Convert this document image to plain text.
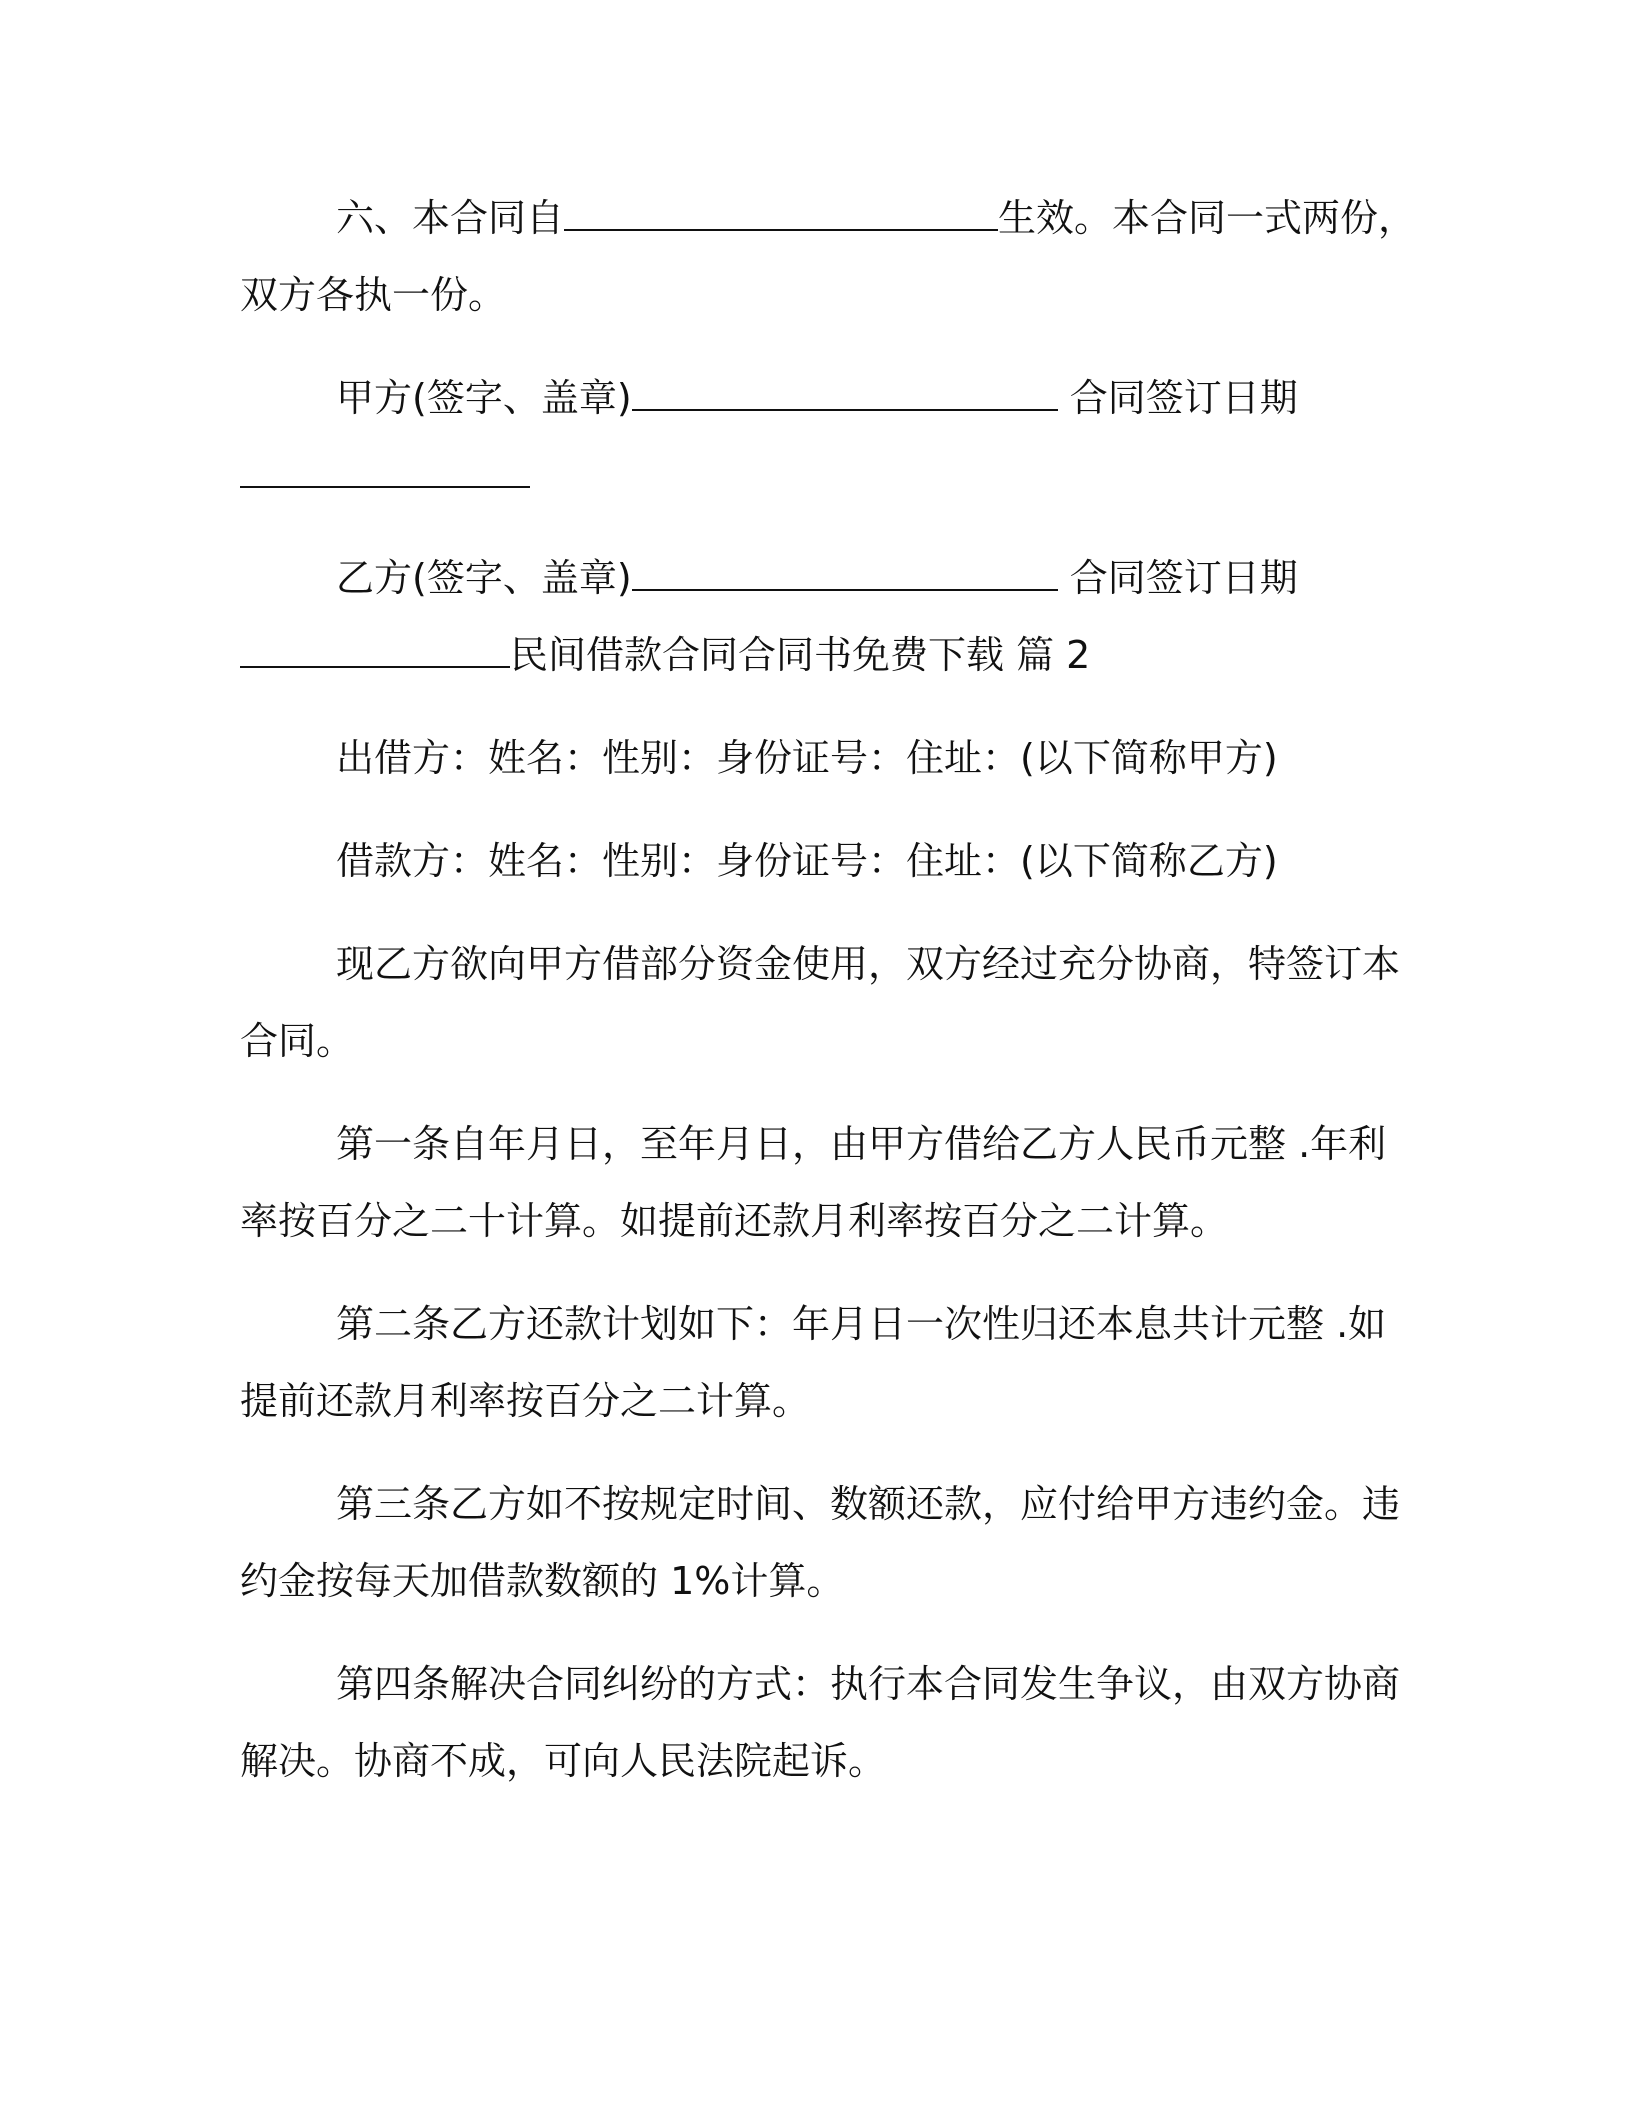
六、本合同自	生效。本合同一式两份，

双方各执一份。

甲方(签字、盖章)	合同签订日期

乙方(签字、盖章)	合同签订日期

民间借款合同合同书免费下载 篇 2

出借方：姓名：性别：身份证号：住址：(以下简称甲方)

借款方：姓名：性别：身份证号：住址：(以下简称乙方)

现乙方欲向甲方借部分资金使用，双方经过充分协商，特签订本

合同。

第一条自年月日，至年月日，由甲方借给乙方人民币元整 .年利

率按百分之二十计算。如提前还款月利率按百分之二计算。

第二条乙方还款计划如下：年月日一次性归还本息共计元整 .如

提前还款月利率按百分之二计算。

第三条乙方如不按规定时间、数额还款，应付给甲方违约金。违

约金按每天加借款数额的 1%计算。

第四条解决合同纠纷的方式：执行本合同发生争议，由双方协商

解决。协商不成，可向人民法院起诉。
